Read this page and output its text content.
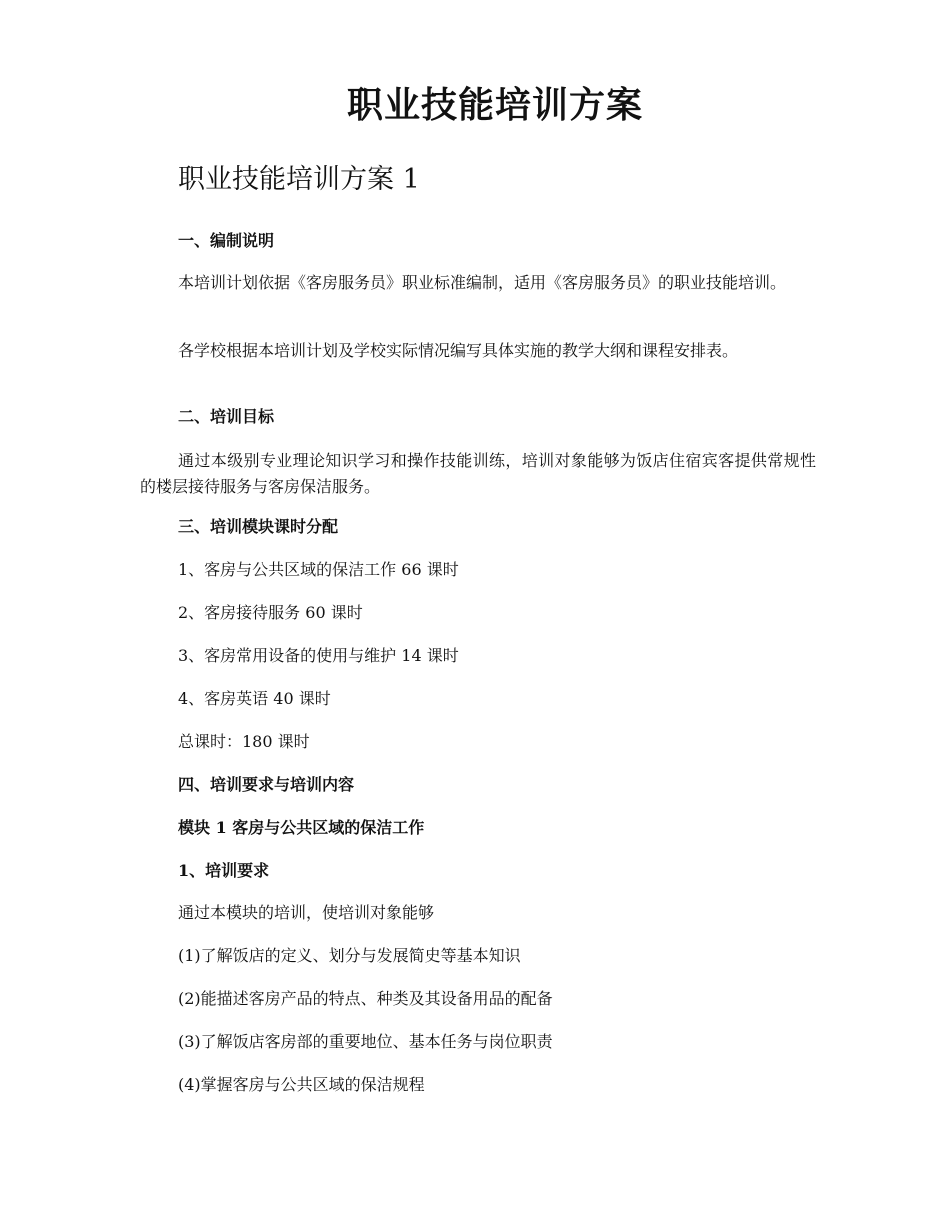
职业技能培训方案
职业技能培训方案 1
一、编制说明
本培训计划依据《客房服务员》职业标准编制，适用《客房服务员》的职业技能培训。
各学校根据本培训计划及学校实际情况编写具体实施的教学大纲和课程安排表。
二、培训目标
通过本级别专业理论知识学习和操作技能训练，培训对象能够为饭店住宿宾客提供常规性的楼层接待服务与客房保洁服务。
三、培训模块课时分配
1、客房与公共区域的保洁工作 66 课时
2、客房接待服务 60 课时
3、客房常用设备的使用与维护 14 课时
4、客房英语 40 课时
总课时：180 课时
四、培训要求与培训内容
模块 1 客房与公共区域的保洁工作
1、培训要求
通过本模块的培训，使培训对象能够
(1)了解饭店的定义、划分与发展简史等基本知识
(2)能描述客房产品的特点、种类及其设备用品的配备
(3)了解饭店客房部的重要地位、基本任务与岗位职责
(4)掌握客房与公共区域的保洁规程
